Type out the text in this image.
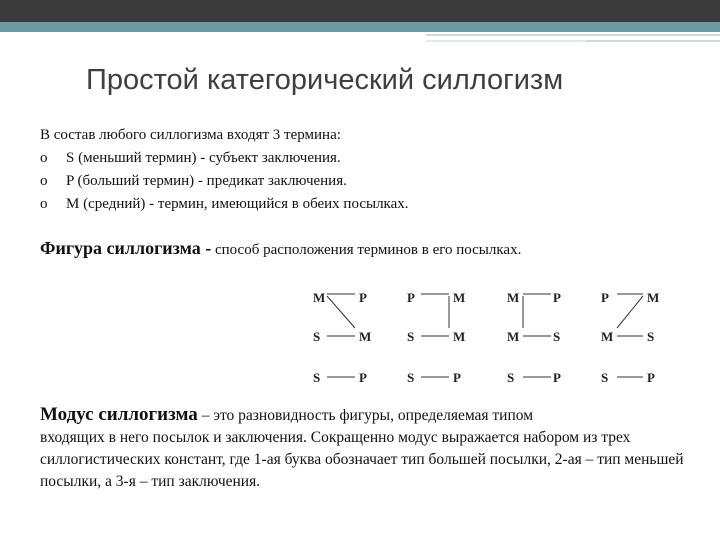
Простой категорический силлогизм
В состав любого силлогизма входят 3 термина:
o S (меньший термин) - субъект заключения.
o P (больший термин) - предикат заключения.
o M (средний) - термин, имеющийся в обеих посылках.
Фигура силлогизма - способ расположения терминов в его посылках.
M	P
S	M
S	P
P	M
S	M
S	P
M	P
M	S
S	P
P	M
M	S
S	P
Модус силлогизма – это разновидность фигуры, определяемая типом
входящих в него посылок и заключения. Сокращенно модус выражается набором из трех силлогистических констант, где 1-ая буква обозначает тип большей посылки, 2-ая – тип меньшей посылки, а 3-я – тип заключения.
